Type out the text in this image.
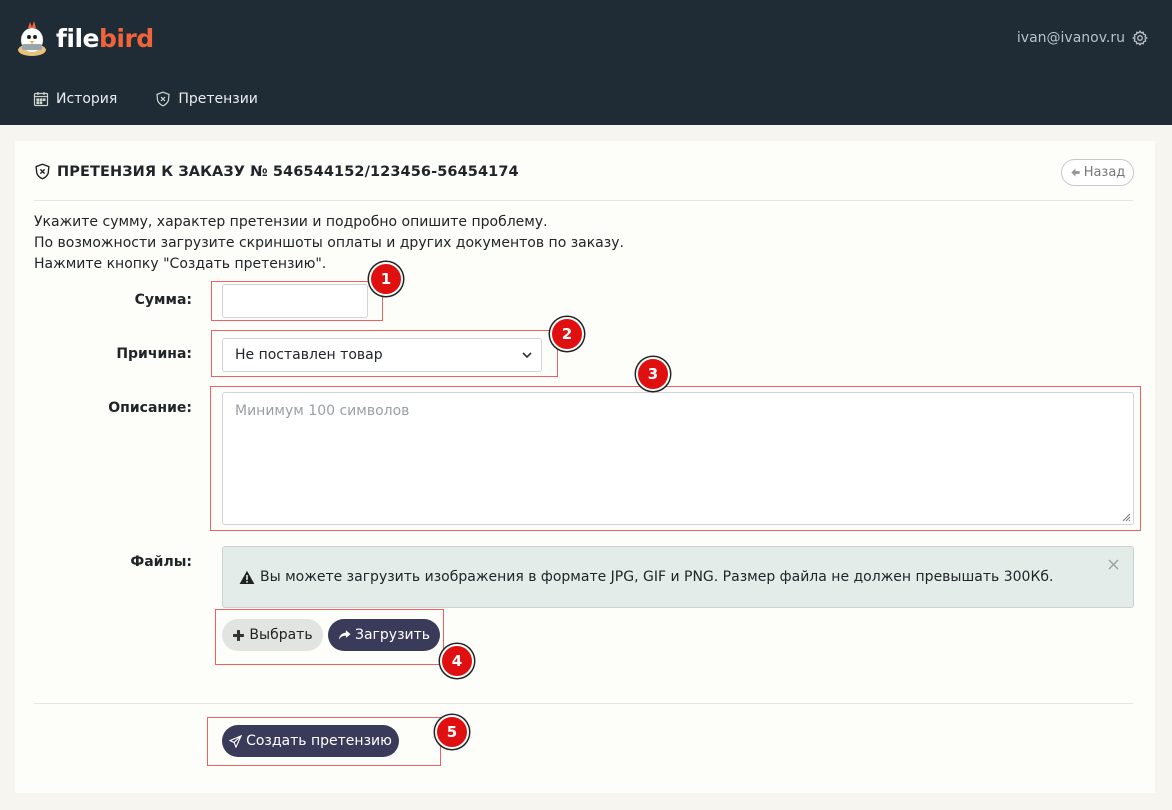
filebird	ivan@ivanov.ru
История	Претензии
ПРЕТЕНЗИЯ К ЗАКАЗУ № 546544152/123456-56454174	Назад
Укажите сумму, характер претензии и подробно опишите проблему.
По возможности загрузите скриншоты оплаты и других документов по заказу.
Нажмите кнопку "Создать претензию".
Сумма:
Причина:	Не поставлен товар
Описание:	Минимум 100 символов
Файлы:
Вы можете загрузить изображения в формате JPG, GIF и PNG. Размер файла не должен превышать 300Кб.
Выбрать	Загрузить
Создать претензию
1
2
3
4
5
